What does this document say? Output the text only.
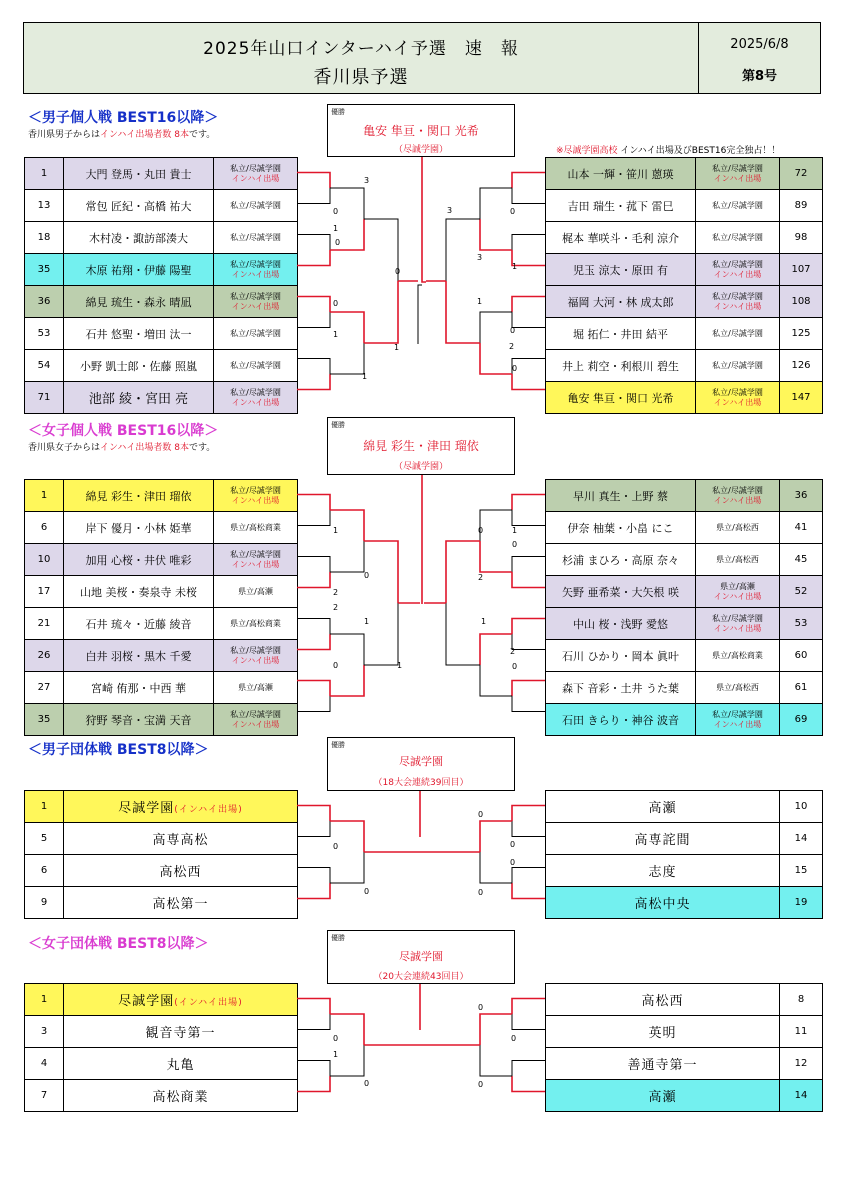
2025年山口インターハイ予選　速　報
香川県予選
2025/6/8
第8号
＜男子個人戦 BEST16以降＞
香川県男子からはインハイ出場者数 8本です。
※尽誠学園高校 インハイ出場及びBEST16完全独占！！
優勝
亀安 隼亘・関口 光希
（尽誠学園）
1	大門 登馬・丸田 貴士	私立/尽誠学園
インハイ出場

13	常包 匠紀・高橋 祐大	私立/尽誠学園

18	木村凌・諏訪部湊大	私立/尽誠学園

35	木原 祐翔・伊藤 陽聖	私立/尽誠学園
インハイ出場

36	綿見 琉生・森永 晴凪	私立/尽誠学園
インハイ出場

53	石井 悠聖・増田 汰一	私立/尽誠学園

54	小野 凱士郎・佐藤 照嵐	私立/尽誠学園

71	池部 綾・宮田 亮	私立/尽誠学園
インハイ出場
山本 一輝・笹川 蒽瑛	私立/尽誠学園
インハイ出場	72
吉田 瑞生・菰下 雷巳	私立/尽誠学園	89
梶本 華咲斗・毛利 涼介	私立/尽誠学園	98
児玉 涼太・原田 有	私立/尽誠学園
インハイ出場	107
福岡 大河・林 成太郎	私立/尽誠学園
インハイ出場	108
堀 拓仁・井田 結平	私立/尽誠学園	125
井上 莉空・利根川 碧生	私立/尽誠学園	126
亀安 隼亘・関口 光希	私立/尽誠学園
インハイ出場	147
＜女子個人戦 BEST16以降＞
香川県女子からはインハイ出場者数 8本です。
優勝
綿見 彩生・津田 瑠依
（尽誠学園）
1	綿見 彩生・津田 瑠依	私立/尽誠学園
インハイ出場

6	岸下 優月・小林 姫華	県立/高松商業

10	加用 心桜・井伏 唯彩	私立/尽誠学園
インハイ出場

17	山地 美桜・奏泉寺 未桜	県立/高瀬

21	石井 琉々・近藤 綾音	県立/高松商業

26	白井 羽桜・黒木 千愛	私立/尽誠学園
インハイ出場

27	宮崎 侑那・中西 華	県立/高瀬

35	狩野 琴音・宝満 天音	私立/尽誠学園
インハイ出場
早川 真生・上野 蔡	私立/尽誠学園
インハイ出場	36
伊奈 柚葉・小畠 にこ	県立/高松西	41
杉浦 まひろ・高原 奈々	県立/高松西	45
矢野 亜希菜・大矢根 咲	県立/高瀬
インハイ出場	52
中山 桜・浅野 愛悠	私立/尽誠学園
インハイ出場	53
石川 ひかり・岡本 眞叶	県立/高松商業	60
森下 音彩・土井 うた葉	県立/高松西	61
石田 きらり・神谷 波音	私立/尽誠学園
インハイ出場	69
＜男子団体戦 BEST8以降＞	優勝
尽誠学園
（18大会連続39回目）
1	尽誠学園(インハイ出場)
5	高専高松
6	高松西
9	高松第一
高瀬	10
高専詫間	14
志度	15
高松中央	19
＜女子団体戦 BEST8以降＞	優勝
尽誠学園
（20大会連続43回目）
1	尽誠学園(インハイ出場)
3	観音寺第一
4	丸亀
7	高松商業
高松西	8
英明	11
善通寺第一	12
高瀬	14
3
0
1
0
0
1
1
1
0
3	0
3
1
0
2
0
1
1
0
2
2
1
0	1
1
0
2
1
2
0
0
0
0
0
0
0
0
0
1
0
0
0
0
